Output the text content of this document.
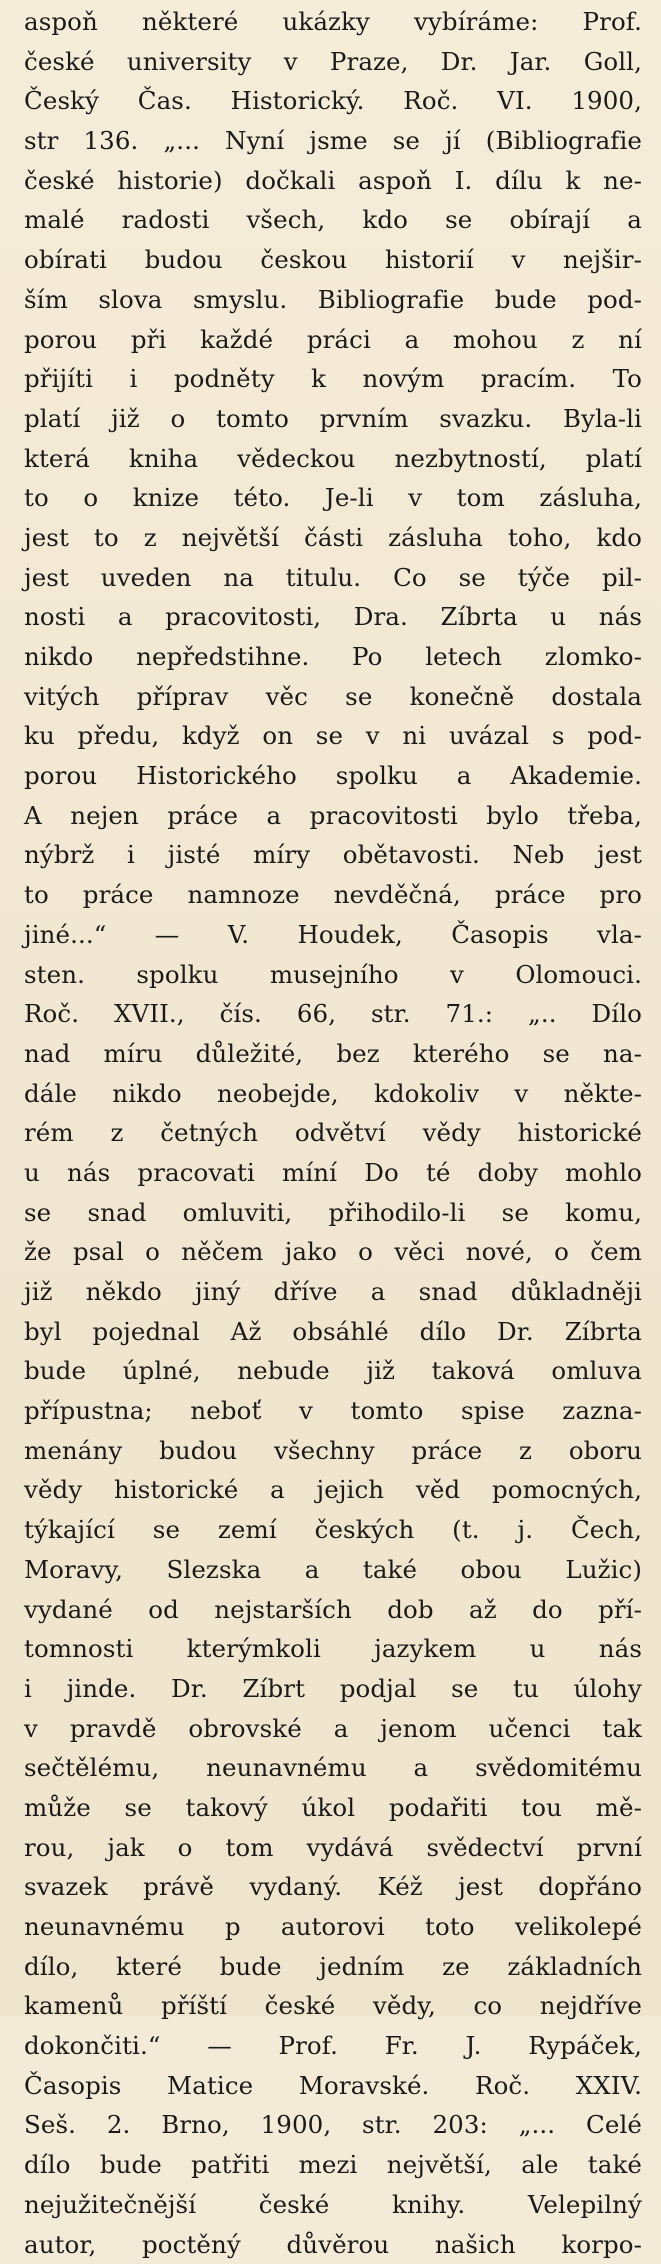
aspoň některé ukázky vybíráme: Prof.
české university v Praze, Dr. Jar. Goll,
Český Čas. Historický. Roč. VI. 1900,
str 136. „... Nyní jsme se jí (Bibliografie
české historie) dočkali aspoň I. dílu k ne-
malé radosti všech, kdo se obírají a
obírati budou českou historií v nejšir-
ším slova smyslu. Bibliografie bude pod-
porou při každé práci a mohou z ní
přijíti i podněty k novým pracím. To
platí již o tomto prvním svazku. Byla-li
která kniha vědeckou nezbytností, platí
to o knize této. Je-li v tom zásluha,
jest to z největší části zásluha toho, kdo
jest uveden na titulu. Co se týče pil-
nosti a pracovitosti, Dra. Zíbrta u nás
nikdo nepředstihne. Po letech zlomko-
vitých příprav věc se konečně dostala
ku předu, když on se v ni uvázal s pod-
porou Historického spolku a Akademie.
A nejen práce a pracovitosti bylo třeba,
nýbrž i jisté míry obětavosti. Neb jest
to práce namnoze nevděčná, práce pro
jiné...“ — V. Houdek, Časopis vla-
sten. spolku musejního v Olomouci.
Roč. XVII., čís. 66, str. 71.: „.. Dílo
nad míru důležité, bez kterého se na-
dále nikdo neobejde, kdokoliv v někte-
rém z četných odvětví vědy historické
u nás pracovati míní Do té doby mohlo
se snad omluviti, přihodilo-li se komu,
že psal o něčem jako o věci nové, o čem
již někdo jiný dříve a snad důkladněji
byl pojednal Až obsáhlé dílo Dr. Zíbrta
bude úplné, nebude již taková omluva
přípustna; neboť v tomto spise zazna-
menány budou všechny práce z oboru
vědy historické a jejich věd pomocných,
týkající se zemí českých (t. j. Čech,
Moravy, Slezska a také obou Lužic)
vydané od nejstarších dob až do pří-
tomnosti kterýmkoli jazykem u nás
i jinde. Dr. Zíbrt podjal se tu úlohy
v pravdě obrovské a jenom učenci tak
sečtělému, neunavnému a svědomitému
může se takový úkol podařiti tou mě-
rou, jak o tom vydává svědectví první
svazek právě vydaný. Kéž jest dopřáno
neunavnému p autorovi toto velikolepé
dílo, které bude jedním ze základních
kamenů příští české vědy, co nejdříve
dokončiti.“ — Prof. Fr. J. Rypáček,
Časopis Matice Moravské. Roč. XXIV.
Seš. 2. Brno, 1900, str. 203: „... Celé
dílo bude patřiti mezi největší, ale také
nejužitečnější české knihy. Velepilný
autor, poctěný důvěrou našich korpo-
